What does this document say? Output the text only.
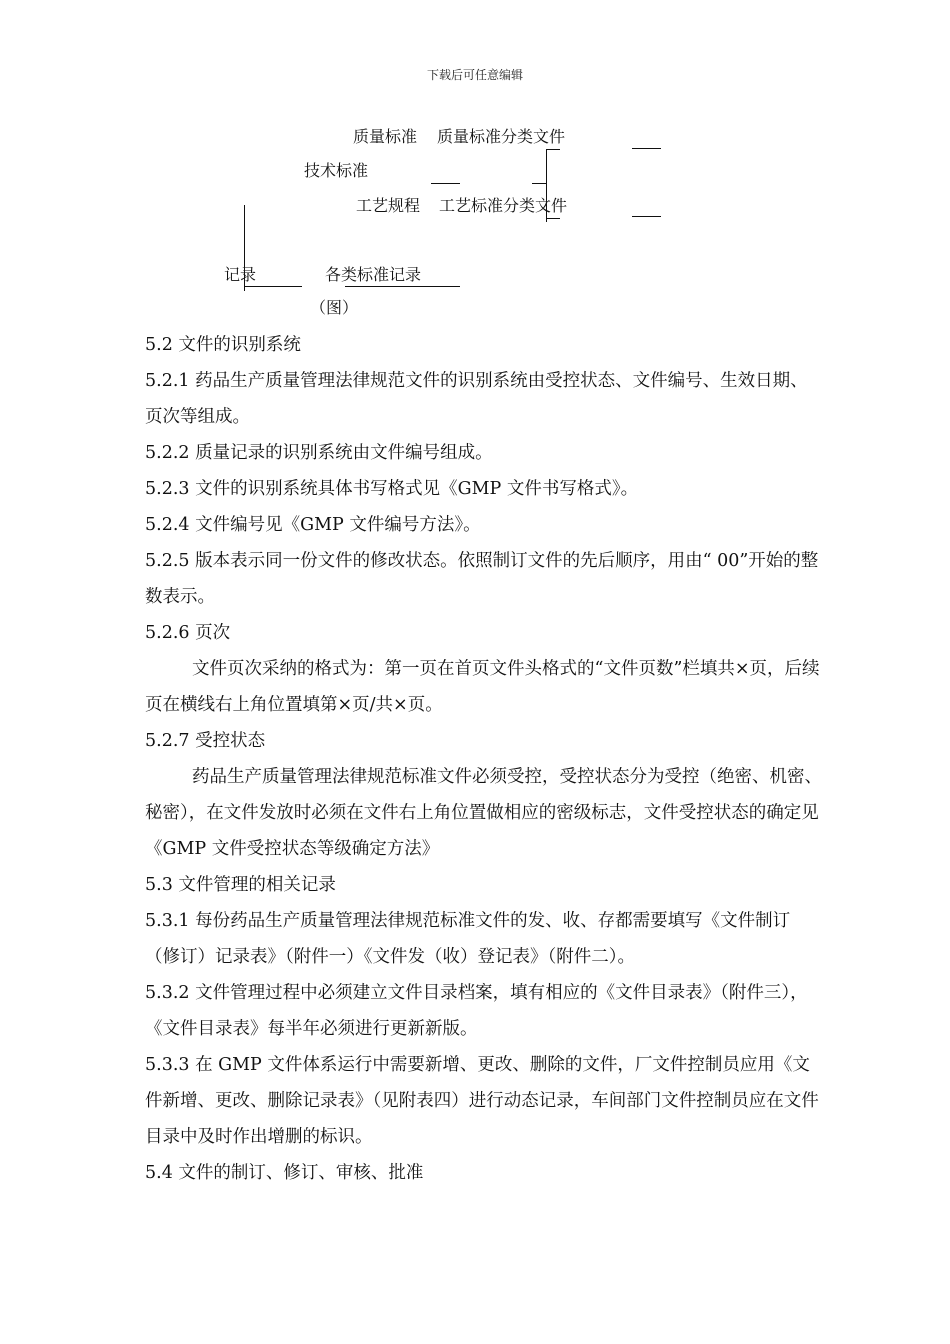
下载后可任意编辑
质量标准 质量标准分类文件
技术标准
工艺规程 工艺标准分类文件
记录	各类标准记录
（图）

5.2 文件的识别系统

5.2.1 药品生产质量管理法律规范文件的识别系统由受控状态、文件编号、生效日期、页次等组成。

5.2.2 质量记录的识别系统由文件编号组成。

5.2.3 文件的识别系统具体书写格式见《GMP 文件书写格式》。

5.2.4 文件编号见《GMP 文件编号方法》。

5.2.5 版本表示同一份文件的修改状态。依照制订文件的先后顺序，用由“ 00”开始的整数表示。

5.2.6 页次

文件页次采纳的格式为：第一页在首页文件头格式的“文件页数”栏填共×页，后续页在横线右上角位置填第×页/共×页。

5.2.7 受控状态

药品生产质量管理法律规范标准文件必须受控，受控状态分为受控（绝密、机密、秘密），在文件发放时必须在文件右上角位置做相应的密级标志，文件受控状态的确定见《GMP 文件受控状态等级确定方法》

5.3 文件管理的相关记录

5.3.1 每份药品生产质量管理法律规范标准文件的发、收、存都需要填写《文件制订（修订）记录表》（附件一）《文件发（收）登记表》（附件二）。

5.3.2 文件管理过程中必须建立文件目录档案，填有相应的《文件目录表》（附件三），《文件目录表》每半年必须进行更新新版。

5.3.3 在 GMP 文件体系运行中需要新增、更改、删除的文件，厂文件控制员应用《文件新增、更改、删除记录表》（见附表四）进行动态记录，车间部门文件控制员应在文件目录中及时作出增删的标识。

5.4 文件的制订、修订、审核、批准
